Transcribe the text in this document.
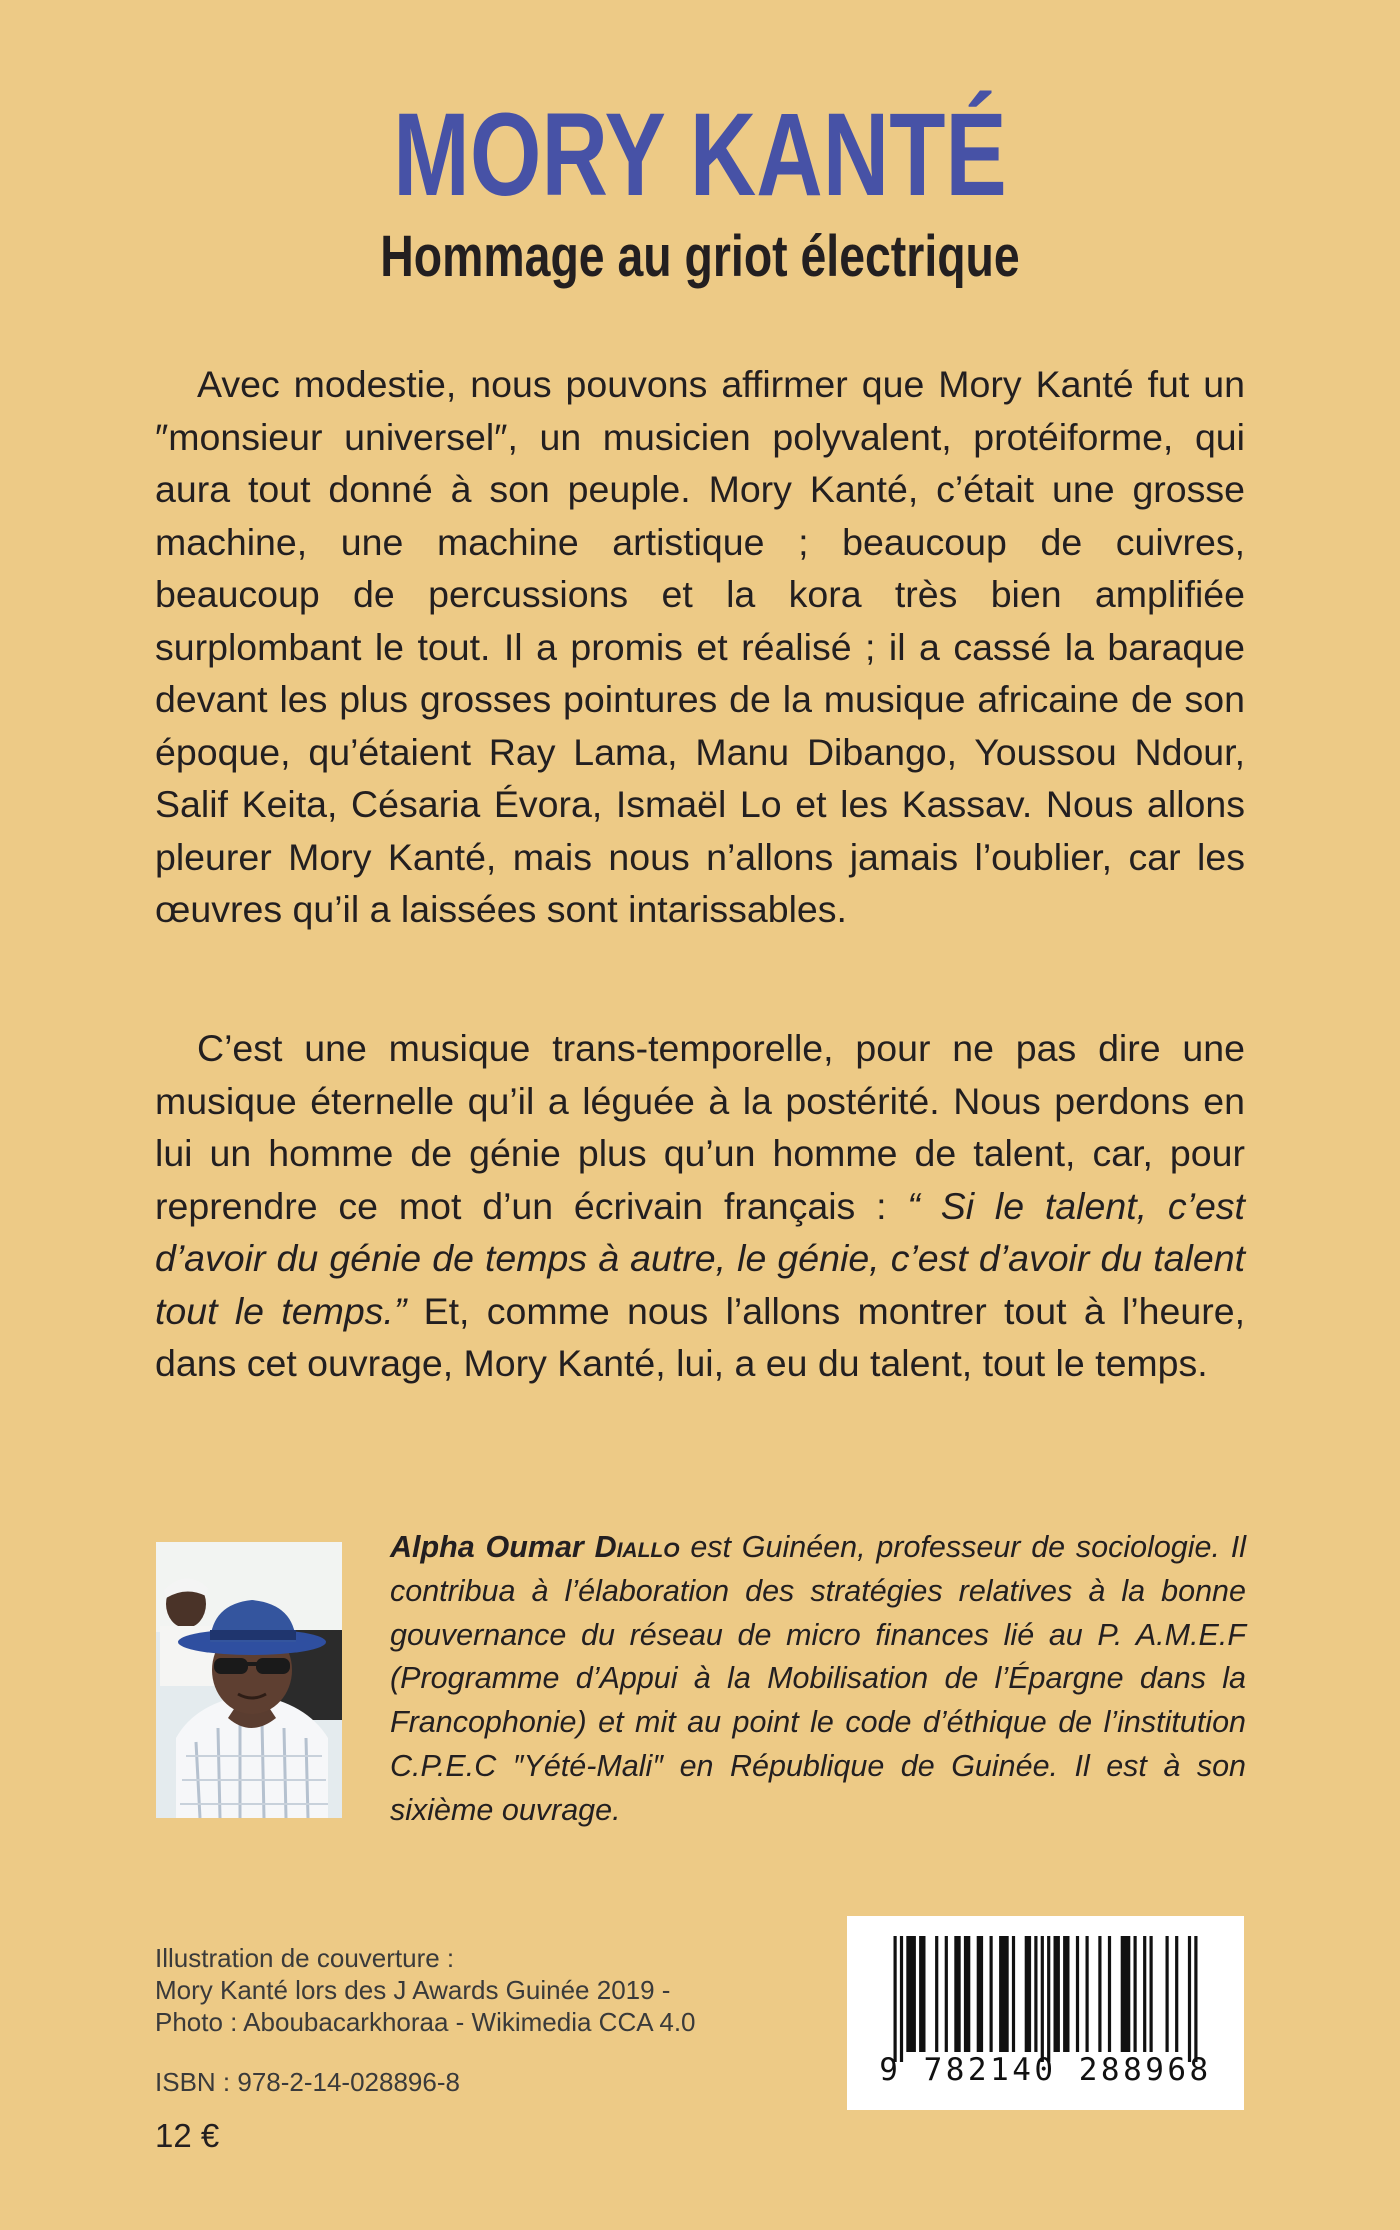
MORY KANTÉ
Hommage au griot électrique

Avec modestie, nous pouvons affirmer que Mory Kanté fut un ″monsieur universel″, un musicien polyvalent, protéiforme, qui aura tout donné à son peuple. Mory Kanté, c’était une grosse machine, une machine artistique ; beaucoup de cuivres, beaucoup de percussions et la kora très bien amplifiée surplombant le tout. Il a promis et réalisé ; il a cassé la baraque devant les plus grosses pointures de la musique africaine de son époque, qu’étaient Ray Lama, Manu Dibango, Youssou Ndour, Salif Keita, Césaria Évora, Ismaël Lo et les Kassav. Nous allons pleurer Mory Kanté, mais nous n’allons jamais l’oublier, car les œuvres qu’il a laissées sont intarissables.

C’est une musique trans-temporelle, pour ne pas dire une musique éternelle qu’il a léguée à la postérité. Nous perdons en lui un homme de génie plus qu’un homme de talent, car, pour reprendre ce mot d’un écrivain français : “ Si le talent, c’est d’avoir du génie de temps à autre, le génie, c’est d’avoir du talent tout le temps.” Et, comme nous l’allons montrer tout à l’heure, dans cet ouvrage, Mory Kanté, lui, a eu du talent, tout le temps.

Alpha Oumar Diallo est Guinéen, professeur de sociologie. Il contribua à l’élaboration des stratégies relatives à la bonne gouvernance du réseau de micro finances lié au P. A.M.E.F (Programme d’Appui à la Mobilisation de l’Épargne dans la Francophonie) et mit au point le code d’éthique de l’institution C.P.E.C ″Yété-Mali″ en République de Guinée. Il est à son sixième ouvrage.

Illustration de couverture :
Mory Kanté lors des J Awards Guinée 2019 -
Photo : Aboubacarkhoraa - Wikimedia CCA 4.0
ISBN : 978-2-14-028896-8
12 €
9 782140 288968
